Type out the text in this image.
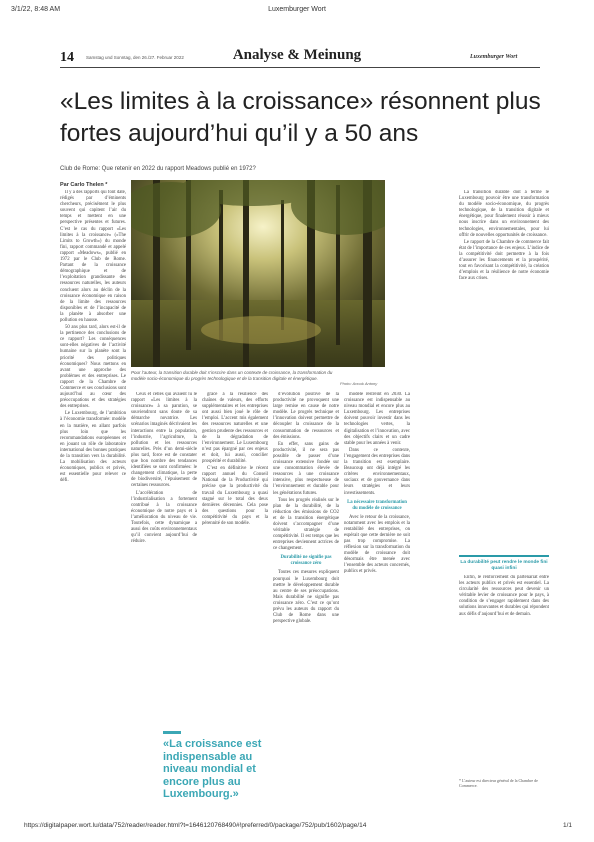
3/1/22, 8:48 AM	Luxemburger Wort
14	Samstag und Sonntag, den 26./27. Februar 2022	Analyse & Meinung	Luxemburger Wort
«Les limites à la croissance» résonnent plus fortes aujourd’hui qu’il y a 50 ans
Club de Rome: Que retenir en 2022 du rapport Meadows publié en 1972?
Par Carlo Thelen *

Il y a des rapports qui font date, rédigés par d’éminents chercheurs, précisément le plus souvent qui capitent l’air du temps et mettent en une perspective présentes et futures. C’est le cas du rapport «Les limites à la croissance» («The Limits to Growth») du monde fini, rapport commandé et appelé rapport «Meadows», publié en 1972 par le Club de Rome. Partant de la croissance démographique et de l’exploitation grandissante des ressources naturelles, les auteurs concluent alors au déclin de la croissance économique en raison de la limite des ressources disponibles et de l’incapacité de la planète à absorber une pollution en hausse.

50 ans plus tard, alors est-il de la pertinence des conclusions de ce rapport? Les conséquences sont-elles négatives de l’activité humaine sur la planète sont la priorité des politiques économiques? Nous mettons en avant une approche des problèmes et des entreprises. Le rapport de la Chambre de Commerce et ses conclusions sont aujourd’hui au cœur des préoccupations et des stratégies des entreprises.

Le Luxembourg, de l’ambition à l’économie transformée: modèle en la matière, en allant parfois plus loin que les recommandations européennes et en jouant un rôle de laboratoire international des bonnes pratiques de la transition vers la durabilité. La mobilisation des acteurs économiques, publics et privés, est essentielle pour relever ce défi.

Pour l’auteur, la transition durable doit s’inscrire dans un contexte de croissance, la transformation du modèle socio-économique du progrès technologique et de la transition digitale et énergétique.
Photo: Anouk Antony

Ceux et celles qui avaient lu le rapport «Les limites à la croissance» à sa parution, se souviendront sans doute de sa démarche novatrice. Les scénarios imaginés décrivaient les interactions entre la population, l’industrie, l’agriculture, la pollution et les ressources naturelles. Près d’un demi-siècle plus tard, force est de constater que bon nombre des tendances identifiées se sont confirmées: le changement climatique, la perte de biodiversité, l’épuisement de certaines ressources.

L’accélération de l’industrialisation a fortement contribué à la croissance économique de notre pays et à l’amélioration du niveau de vie. Toutefois, cette dynamique a aussi des coûts environnementaux qu’il convient aujourd’hui de réduire.

«La croissance est indispensable au niveau mondial et encore plus au Luxembourg.»

grâce à la résilience des chaînes de valeurs, des efforts supplémentaires et les entreprises ont aussi bien joué le rôle de l’emploi. L’accent mis également des ressources naturelles et une gestion prudente des ressources et de la dégradation de l’environnement. Le Luxembourg n’est pas épargné par ces enjeux et doit, lui aussi, concilier prospérité et durabilité.

C’est en définitive le récent rapport annuel du Conseil National de la Productivité qui précise que la productivité du travail du Luxembourg a quasi stagné sur le total des deux dernières décennies. Cela pose des questions pour la compétitivité du pays et la pérennité de son modèle.

d’évolution positive de la productivité ne provoquent une large remise en cause de notre modèle. Le progrès technique et l’innovation doivent permettre de découpler la croissance de la consommation de ressources et des émissions.

En effet, sans gains de productivité, il ne sera pas possible de passer d’une croissance extensive fondée sur une consommation élevée de ressources à une croissance intensive, plus respectueuse de l’environnement et durable pour les générations futures.

Tous les progrès réalisés sur le plan de la durabilité, de la réduction des émissions de CO2 et de la transition énergétique doivent s’accompagner d’une véritable stratégie de compétitivité. Il est temps que les entreprises deviennent actrices de ce changement.

Durabilité ne signifie pas croissance zéro

Toutes ces mesures expliquent pourquoi le Luxembourg doit mettre le développement durable au centre de ses préoccupations. Mais durabilité ne signifie pas croissance zéro. C’est ce qu’ont prévu les auteurs du rapport du Club de Rome dans une perspective globale.

modèle restreint en 2030. La croissance est indispensable au niveau mondial et encore plus au Luxembourg. Les entreprises doivent pouvoir investir dans les technologies vertes, la digitalisation et l’innovation, avec des objectifs clairs et un cadre stable pour les années à venir.

Dans ce contexte, l’engagement des entreprises dans la transition est exemplaire. Beaucoup ont déjà intégré les critères environnementaux, sociaux et de gouvernance dans leurs stratégies et leurs investissements.

La nécessaire transformation du modèle de croissance

Avec le retour de la croissance, notamment avec les emplois et la rentabilité des entreprises, on espérait que cette dernière ne soit pas trop compromise. La réflexion sur la transformation du modèle de croissance doit désormais être menée avec l’ensemble des acteurs concernés, publics et privés.

La transition durable doit à terme le Luxembourg pouvoir être une transformation du modèle socio-économique, du progrès technologique, de la transition digitale et énergétique, pour finalement réussir à mieux nous inscrire dans un environnement des technologies, environnementales, pour lui offrir de nouvelles opportunités de croissance.

Le rapport de la Chambre de commerce fait état de l’importance de ces enjeux. L’indice de la compétitivité doit permettre à la fois d’assurer les financements et la prospérité, tout en favorisant la compétitivité, la création d’emplois et la résilience de notre économie face aux crises.

La durabilité peut rendre le monde fini quasi infini

Enfin, le renforcement du partenariat entre les acteurs publics et privés est essentiel. La circularité des ressources peut devenir un véritable levier de croissance pour le pays, à condition de s’engager rapidement dans des solutions innovantes et durables qui répondent aux défis d’aujourd’hui et de demain.

* L’auteur est directeur général de la Chambre de Commerce.
https://digitalpaper.wort.lu/data/752/reader/reader.html?t=1646120768490#!preferred/0/package/752/pub/1602/page/14	1/1
